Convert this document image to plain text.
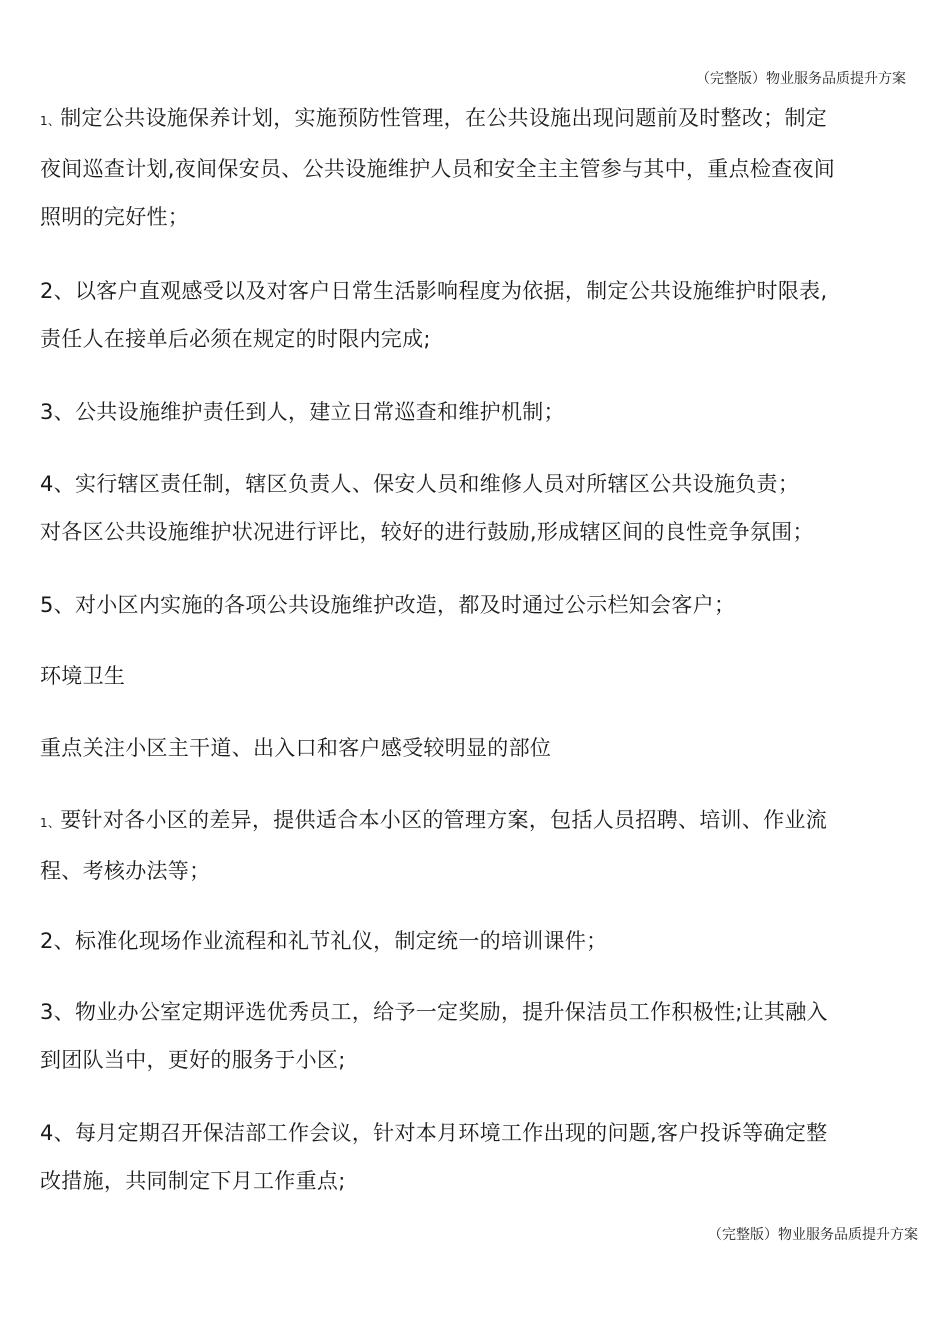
（完整版）物业服务品质提升方案
1、制定公共设施保养计划，实施预防性管理，在公共设施出现问题前及时整改；制定
夜间巡查计划,夜间保安员、公共设施维护人员和安全主主管参与其中，重点检查夜间
照明的完好性；
2、以客户直观感受以及对客户日常生活影响程度为依据，制定公共设施维护时限表,
责任人在接单后必须在规定的时限内完成;
3、公共设施维护责任到人，建立日常巡查和维护机制；
4、实行辖区责任制，辖区负责人、保安人员和维修人员对所辖区公共设施负责；
对各区公共设施维护状况进行评比，较好的进行鼓励,形成辖区间的良性竞争氛围；
5、对小区内实施的各项公共设施维护改造，都及时通过公示栏知会客户；
环境卫生
重点关注小区主干道、出入口和客户感受较明显的部位
1、要针对各小区的差异，提供适合本小区的管理方案，包括人员招聘、培训、作业流
程、考核办法等；
2、标准化现场作业流程和礼节礼仪，制定统一的培训课件；
3、物业办公室定期评选优秀员工，给予一定奖励，提升保洁员工作积极性;让其融入
到团队当中，更好的服务于小区;
4、每月定期召开保洁部工作会议，针对本月环境工作出现的问题,客户投诉等确定整
改措施，共同制定下月工作重点;
（完整版）物业服务品质提升方案
